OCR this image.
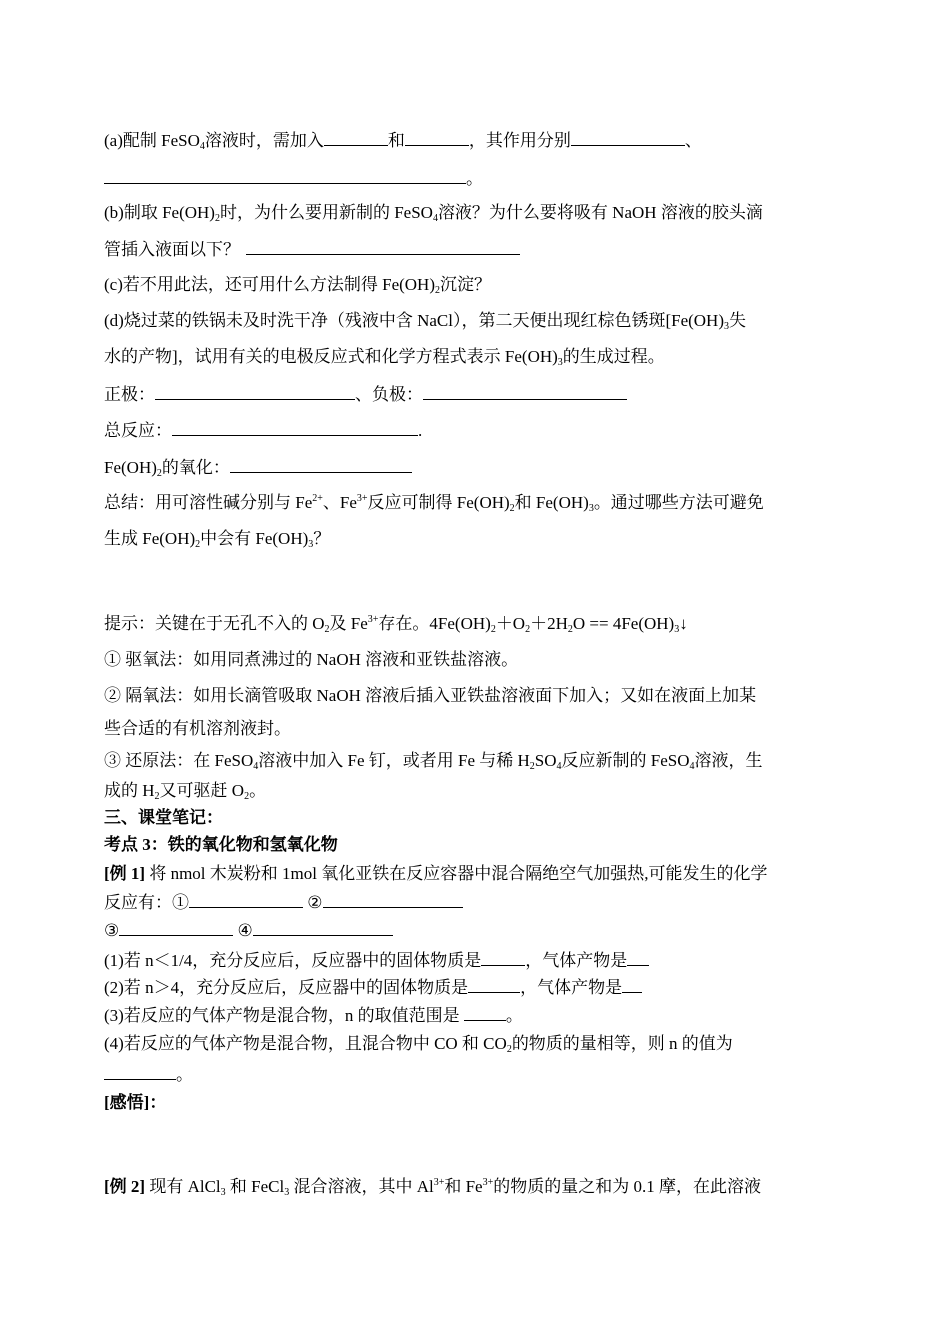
(a)配制 FeSO$_4$溶液时，需加入	和	，其作用分别	、
。
(b)制取 $Fe(OH)_2$时，为什么要用新制的 FeSO$_4$溶液？为什么要将吸有 NaOH 溶液的胶头滴
管插入液面以下？
(c)若不用此法，还可用什么方法制得 $Fe(OH)_2$沉淀？
(d)烧过菜的铁锅未及时洗干净（残液中含 NaCl），第二天便出现红棕色锈斑[$Fe(OH)_3$失
水的产物]，试用有关的电极反应式和化学方程式表示 $Fe(OH)_3$的生成过程。
正极：	、负极：
总反应：	.
$Fe(OH)_2$的氧化：
总结：用可溶性碱分别与 $Fe^{2+}$、$Fe^{3+}$反应可制得 $Fe(OH)_2$和 $Fe(OH)_3$。通过哪些方法可避免
生成 $Fe(OH)_2$中会有 $Fe(OH)_3$？
提示：关键在于无孔不入的 $O_2$及 $Fe^{3+}$存在。$4Fe(OH)_2+O_2+2H_2O$ == $4Fe(OH)_3↓$
① 驱氧法：如用同煮沸过的 NaOH 溶液和亚铁盐溶液。
② 隔氧法：如用长滴管吸取 NaOH 溶液后插入亚铁盐溶液面下加入；又如在液面上加某
些合适的有机溶剂液封。
③ 还原法：在 FeSO$_4$溶液中加入 Fe 钉，或者用 Fe 与稀 $H_2SO_4$反应新制的 FeSO$_4$溶液，生
成的 $H_2$又可驱赶 $O_2$。
三、课堂笔记：
考点 3：铁的氧化物和氢氧化物
[例 1] 将 nmol 木炭粉和 1mol 氧化亚铁在反应容器中混合隔绝空气加强热,可能发生的化学
反应有：①	②
③	④
(1)若 n＜1/4，充分反应后，反应器中的固体物质是	，气体产物是
(2)若 n＞4，充分反应后，反应器中的固体物质是	，气体产物是
(3)若反应的气体产物是混合物，n 的取值范围是 。
(4)若反应的气体产物是混合物，且混合物中 CO 和 $CO_2$的物质的量相等，则 n 的值为
。
[感悟]：
[例 2] 现有 AlCl$_3$ 和 FeCl$_3$ 混合溶液，其中 $Al^{3+}$和 $Fe^{3+}$的物质的量之和为 0.1 摩，在此溶液
